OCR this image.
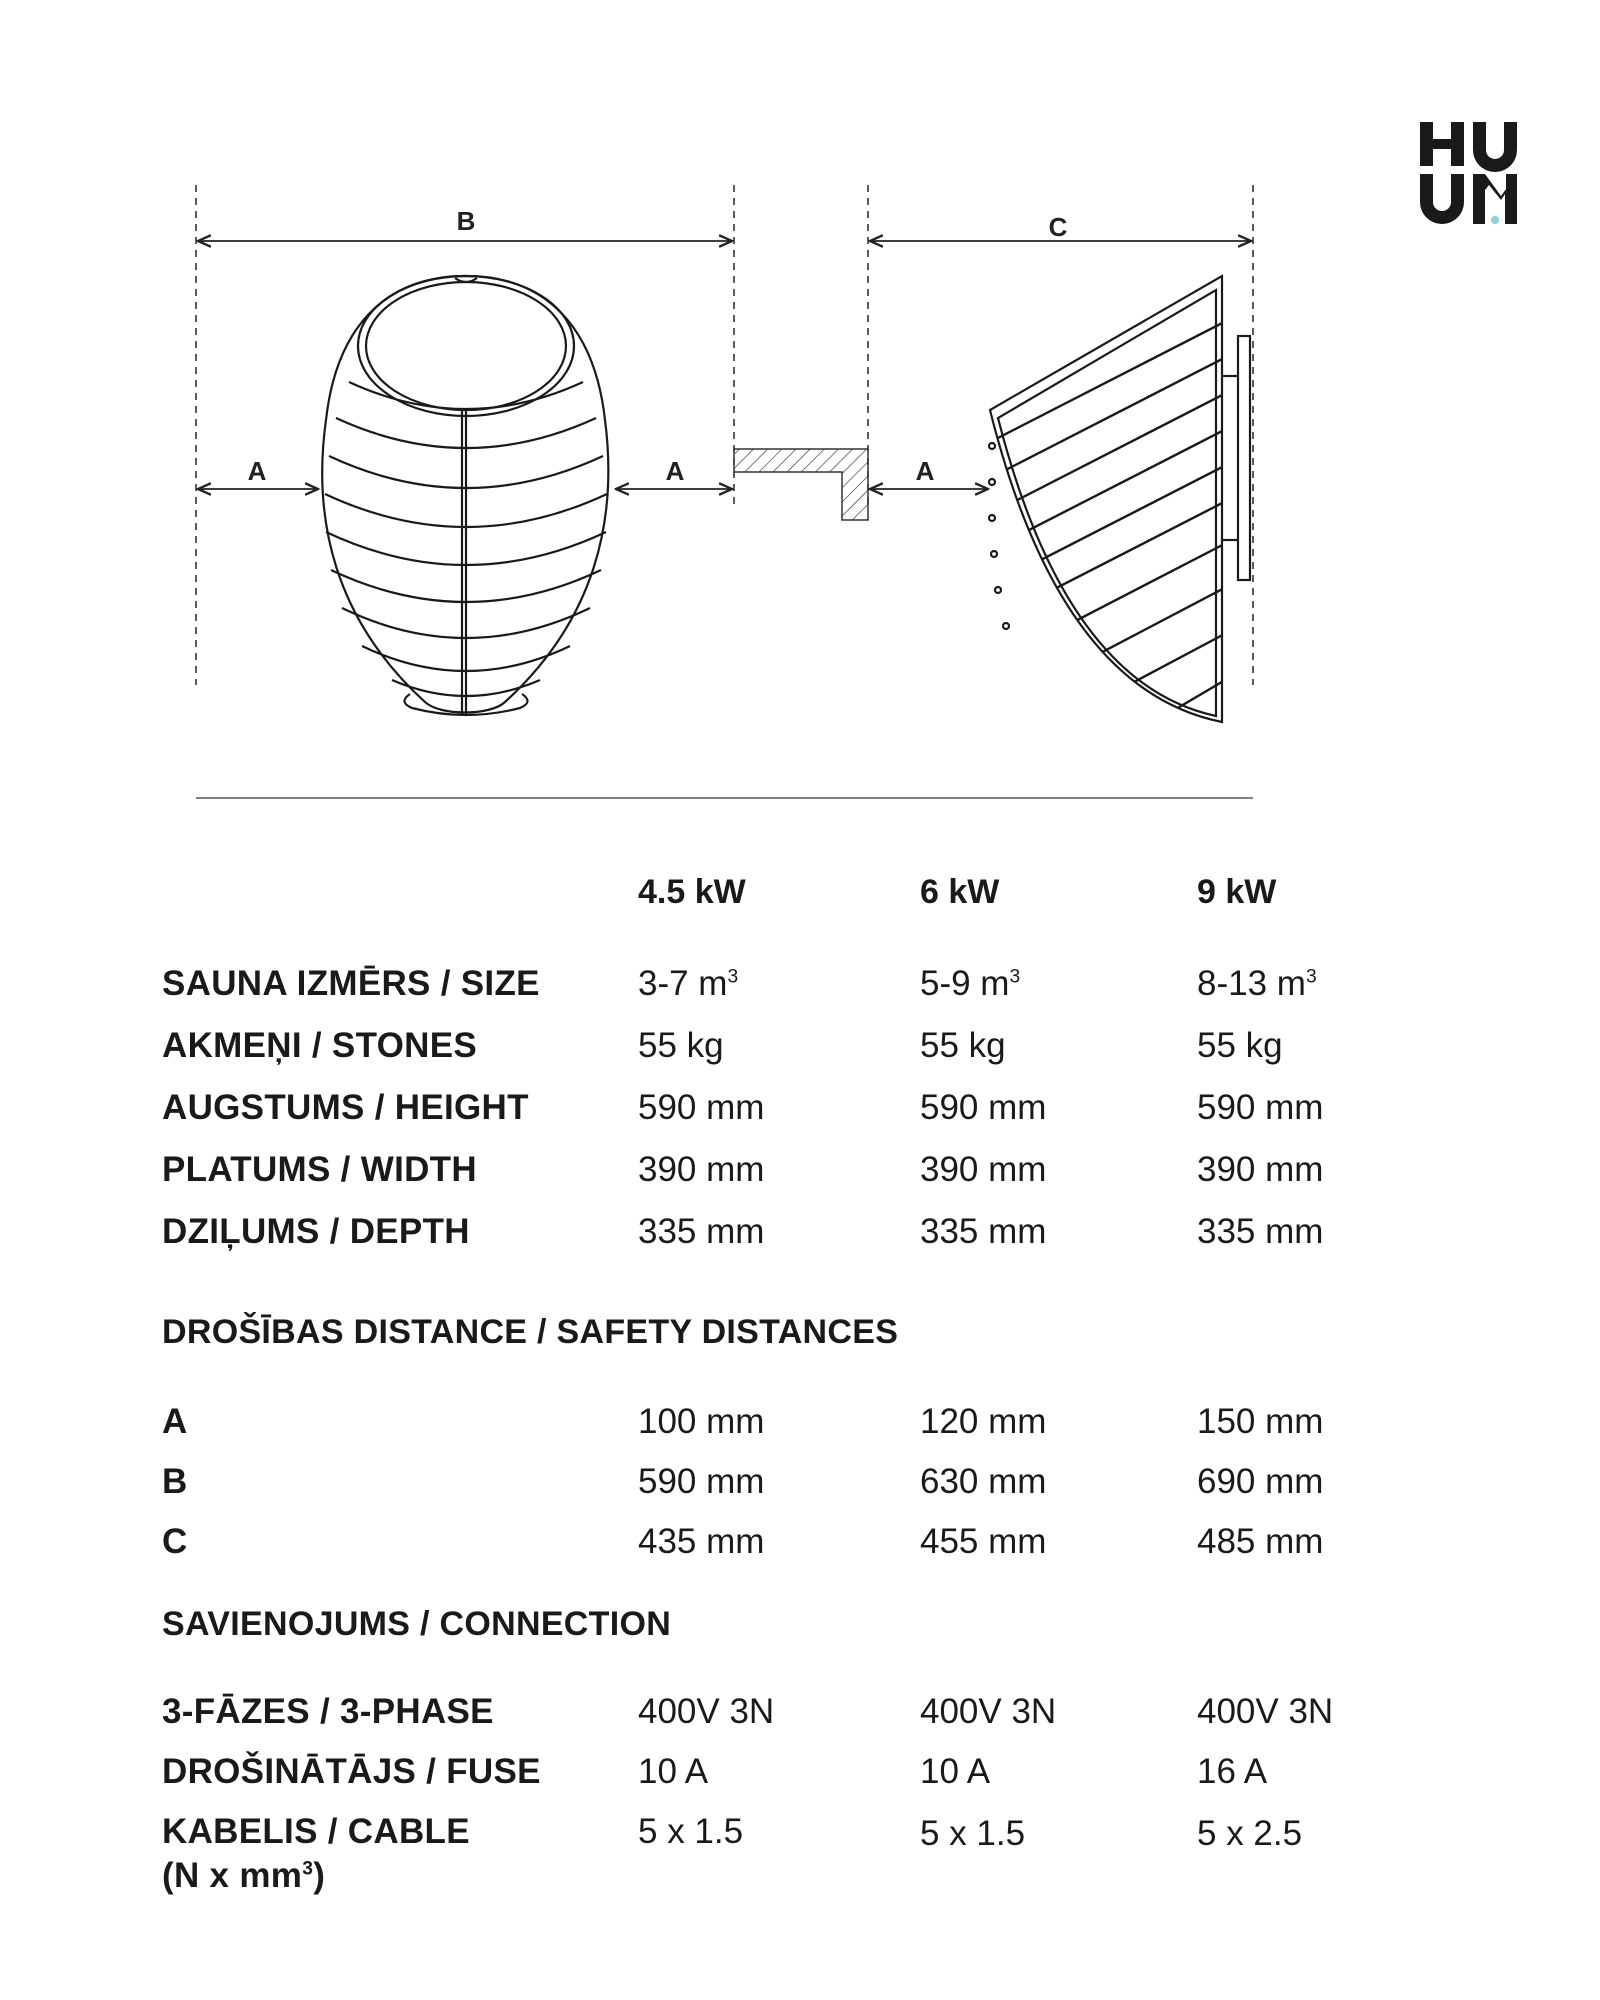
B	C
A	A	A
4.5 kW	6 kW	9 kW
SAUNA IZMĒRS / SIZE	3-7 $m^3$	5-9 $m^3$	8-13 $m^3$
AKMEŅI / STONES	55 kg	55 kg	55 kg
AUGSTUMS / HEIGHT	590 mm	590 mm	590 mm
PLATUMS / WIDTH	390 mm	390 mm	390 mm
DZIĻUMS / DEPTH	335 mm	335 mm	335 mm
DROŠĪBAS DISTANCE / SAFETY DISTANCES
A	100 mm	120 mm	150 mm
B	590 mm	630 mm	690 mm
C	435 mm	455 mm	485 mm
SAVIENOJUMS / CONNECTION
3-FĀZES / 3-PHASE	400V 3N	400V 3N	400V 3N
DROŠINĀTĀJS / FUSE	10 A	10 A	16 A
KABELIS / CABLE
(N x $mm^3$)
5 x 1.5	5 x 1.5	5 x 2.5
